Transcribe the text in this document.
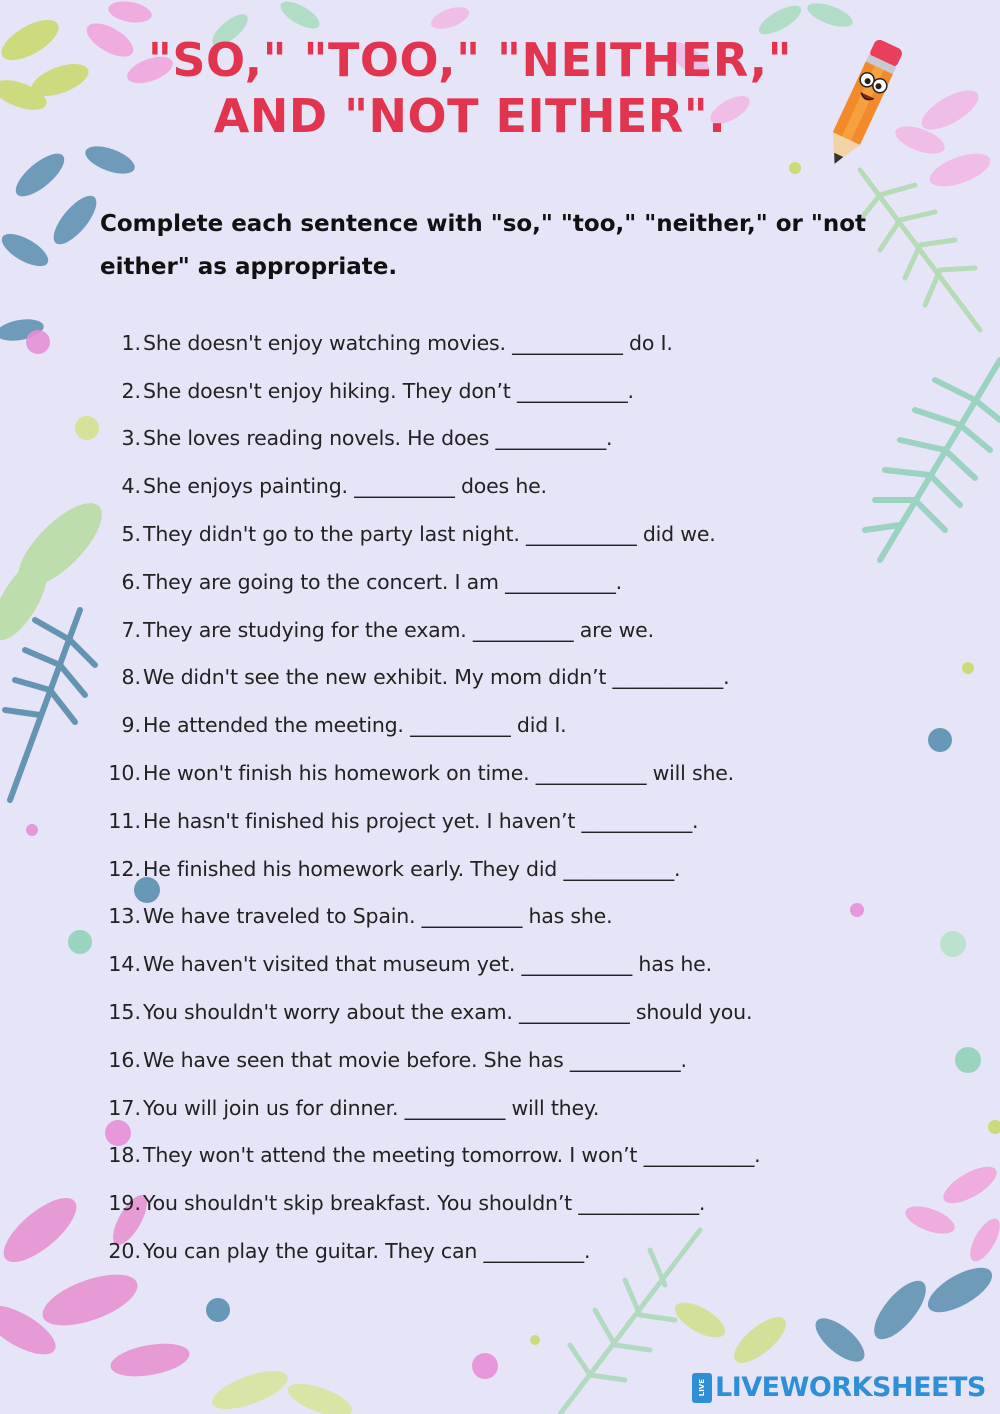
"SO," "TOO," "NEITHER,"
AND "NOT EITHER".
Complete each sentence with "so," "too," "neither," or "not either" as appropriate.
1. She doesn't enjoy watching movies. ___________ do I.
2. She doesn't enjoy hiking. They don’t ___________.
3. She loves reading novels. He does ___________.
4. She enjoys painting. __________ does he.
5. They didn't go to the party last night. ___________ did we.
6. They are going to the concert. I am ___________.
7. They are studying for the exam. __________ are we.
8. We didn't see the new exhibit. My mom didn’t ___________.
9. He attended the meeting. __________ did I.
10. He won't finish his homework on time. ___________ will she.
11. He hasn't finished his project yet. I haven’t ___________.
12. He finished his homework early. They did ___________.
13. We have traveled to Spain. __________ has she.
14. We haven't visited that museum yet. ___________ has he.
15. You shouldn't worry about the exam. ___________ should you.
16. We have seen that movie before. She has ___________.
17. You will join us for dinner. __________ will they.
18. They won't attend the meeting tomorrow. I won’t ___________.
19. You shouldn't skip breakfast. You shouldn’t ____________.
20. You can play the guitar. They can __________.
LIVE LIVEWORKSHEETS
